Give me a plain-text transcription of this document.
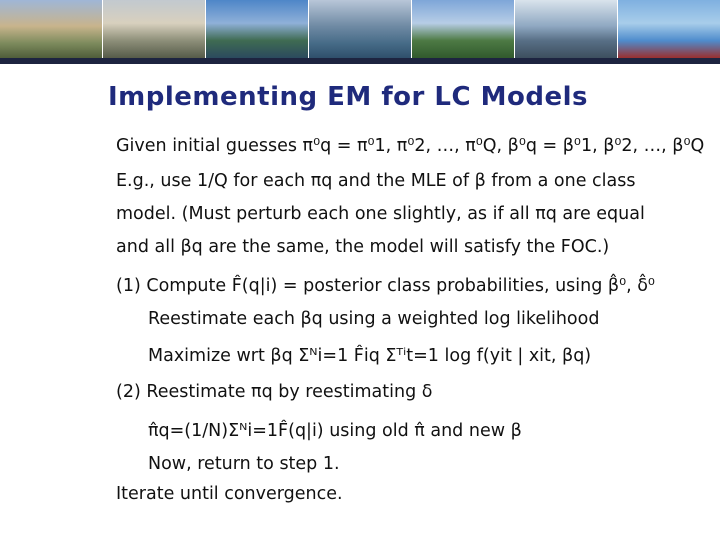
Implementing EM for LC Models
Given initial guesses π⁰q = π⁰1, π⁰2, …, π⁰Q, β⁰q = β⁰1, β⁰2, …, β⁰Q
E.g., use 1/Q for each πq and the MLE of β from a one class
model. (Must perturb each one slightly, as if all πq are equal
and all βq are the same, the model will satisfy the FOC.)
(1) Compute F̂(q|i) = posterior class probabilities, using β̂⁰, δ̂⁰
Reestimate each βq using a weighted log likelihood
Maximize wrt βq Σᴺi=1 F̂iq Σᵀⁱt=1 log f(yit | xit, βq)
(2) Reestimate πq by reestimating δ
π̂q=(1/N)Σᴺi=1F̂(q|i) using old π̂ and new β
Now, return to step 1.
Iterate until convergence.
